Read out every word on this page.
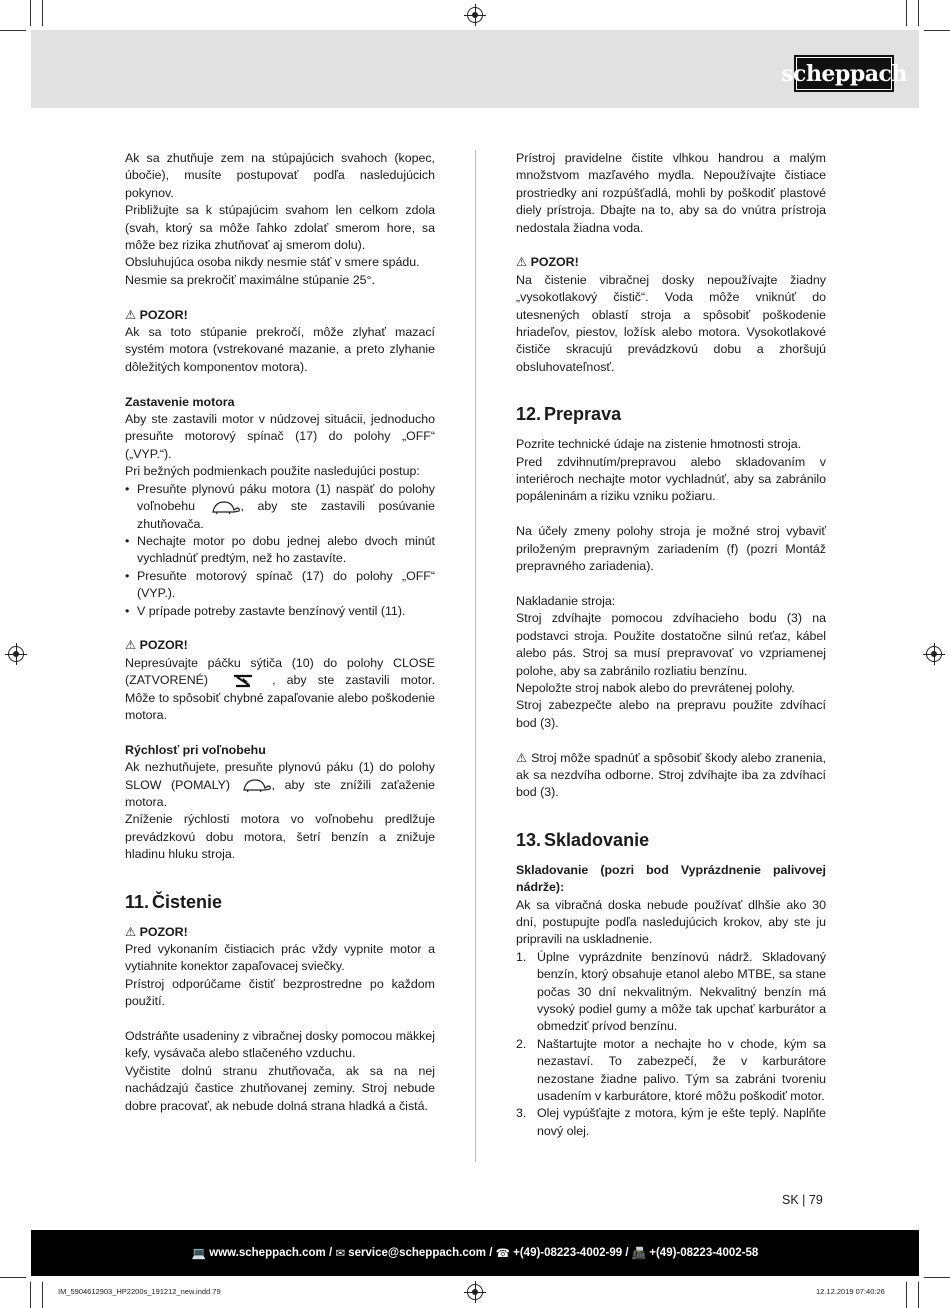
scheppach

Ak sa zhutňuje zem na stúpajúcich svahoch (kopec, úbočie), musíte postupovať podľa nasledujúcich pokynov.

Približujte sa k stúpajúcim svahom len celkom zdola (svah, ktorý sa môže ľahko zdolať smerom hore, sa môže bez rizika zhutňovať aj smerom dolu).

Obsluhujúca osoba nikdy nesmie stáť v smere spádu.

Nesmie sa prekročiť maximálne stúpanie 25°.

⚠ POZOR!

Ak sa toto stúpanie prekročí, môže zlyhať mazací systém motora (vstrekované mazanie, a preto zlyhanie dôležitých komponentov motora).

Zastavenie motora

Aby ste zastavili motor v núdzovej situácii, jednoducho presuňte motorový spínač (17) do polohy „OFF“ („VYP.“).

Pri bežných podmienkach použite nasledujúci postup:

• Presuňte plynovú páku motora (1) naspäť do polohy voľnobehu	, aby ste zastavili posúvanie zhutňovača.
• Nechajte motor po dobu jednej alebo dvoch minút vychladnúť predtým, než ho zastavíte.
• Presuňte motorový spínač (17) do polohy „OFF“ (VYP.).
• V prípade potreby zastavte benzínový ventil (11).

⚠ POZOR!

Nepresúvajte páčku sýtiča (10) do polohy CLOSE (ZATVORENÉ)	, aby ste zastavili motor. Môže to spôsobiť chybné zapaľovanie alebo poškodenie motora.

Rýchlosť pri voľnobehu

Ak nezhutňujete, presuňte plynovú páku (1) do polohy SLOW (POMALY)	, aby ste znížili zaťaženie motora.

Zníženie rýchlosti motora vo voľnobehu predlžuje prevádzkovú dobu motora, šetrí benzín a znižuje hladinu hluku stroja.

11. Čistenie

⚠ POZOR!

Pred vykonaním čistiacich prác vždy vypnite motor a vytiahnite konektor zapaľovacej sviečky.

Prístroj odporúčame čistiť bezprostredne po každom použití.

Odstráňte usadeniny z vibračnej dosky pomocou mäkkej kefy, vysávača alebo stlačeného vzduchu.

Vyčistite dolnú stranu zhutňovača, ak sa na nej nachádzajú častice zhutňovanej zeminy. Stroj nebude dobre pracovať, ak nebude dolná strana hladká a čistá.

Prístroj pravidelne čistite vlhkou handrou a malým množstvom mazľavého mydla. Nepoužívajte čistiace prostriedky ani rozpúšťadlá, mohli by poškodiť plastové diely prístroja. Dbajte na to, aby sa do vnútra prístroja nedostala žiadna voda.

⚠ POZOR!

Na čistenie vibračnej dosky nepoužívajte žiadny „vysokotlakový čistič“. Voda môže vniknúť do utesnených oblastí stroja a spôsobiť poškodenie hriadeľov, piestov, ložísk alebo motora. Vysokotlakové čističe skracujú prevádzkovú dobu a zhoršujú obsluhovateľnosť.

12. Preprava

Pozrite technické údaje na zistenie hmotnosti stroja.

Pred zdvihnutím/prepravou alebo skladovaním v interiéroch nechajte motor vychladnúť, aby sa zabránilo popáleninám a riziku vzniku požiaru.

Na účely zmeny polohy stroja je možné stroj vybaviť priloženým prepravným zariadením (f) (pozri Montáž prepravného zariadenia).

Nakladanie stroja:

Stroj zdvíhajte pomocou zdvíhacieho bodu (3) na podstavci stroja. Použite dostatočne silnú reťaz, kábel alebo pás. Stroj sa musí prepravovať vo vzpriamenej polohe, aby sa zabránilo rozliatiu benzínu.

Nepoložte stroj nabok alebo do prevrátenej polohy.

Stroj zabezpečte alebo na prepravu použite zdvíhací bod (3).

⚠ Stroj môže spadnúť a spôsobiť škody alebo zranenia, ak sa nezdvíha odborne. Stroj zdvíhajte iba za zdvíhací bod (3).

13. Skladovanie

Skladovanie (pozri bod Vyprázdnenie palivovej nádrže):

Ak sa vibračná doska nebude používať dlhšie ako 30 dní, postupujte podľa nasledujúcich krokov, aby ste ju pripravili na uskladnenie.

1. Úplne vyprázdnite benzínovú nádrž. Skladovaný benzín, ktorý obsahuje etanol alebo MTBE, sa stane počas 30 dní nekvalitným. Nekvalitný benzín má vysoký podiel gumy a môže tak upchať karburátor a obmedziť prívod benzínu.
2. Naštartujte motor a nechajte ho v chode, kým sa nezastaví. To zabezpečí, že v karburátore nezostane žiadne palivo. Tým sa zabráni tvoreniu usadením v karburátore, ktoré môžu poškodiť motor.
3. Olej vypúšťajte z motora, kým je ešte teplý. Naplňte nový olej.
SK | 79
💻 www.scheppach.com / ✉ service@scheppach.com / ☎ +(49)-08223-4002-99 / 📠 +(49)-08223-4002-58
IM_5904612903_HP2200s_191212_new.indd 79	12.12.2019 07:40:26
